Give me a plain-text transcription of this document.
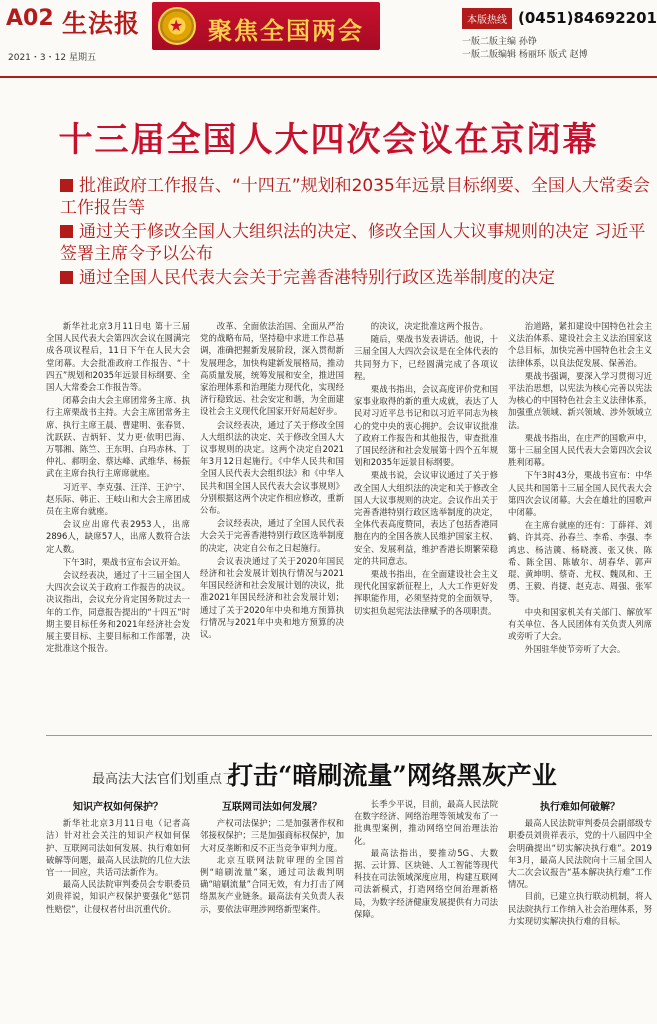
A02 生法报
2021・3・12 星期五
★ 聚焦全国两会	本版热线 (0451)84692201
一版二版主编 孙铮
一版二版编辑 杨丽环 版式 赵博
十三届全国人大四次会议在京闭幕
批准政府工作报告、“十四五”规划和2035年远景目标纲要、全国人大常委会工作报告等
通过关于修改全国人大组织法的决定、修改全国人大议事规则的决定 习近平签署主席令予以公布
通过全国人民代表大会关于完善香港特别行政区选举制度的决定

新华社北京3月11日电 第十三届全国人民代表大会第四次会议在圆满完成各项议程后，11日下午在人民大会堂闭幕。大会批准政府工作报告、“十四五”规划和2035年远景目标纲要、全国人大常委会工作报告等。

闭幕会由大会主席团常务主席、执行主席栗战书主持。大会主席团常务主席、执行主席王晨、曹建明、张春贤、沈跃跃、吉炳轩、艾力更·依明巴海、万鄂湘、陈竺、王东明、白玛赤林、丁仲礼、郝明金、蔡达峰、武维华、杨振武在主席台执行主席席就座。

习近平、李克强、汪洋、王沪宁、赵乐际、韩正、王岐山和大会主席团成员在主席台就座。

会议应出席代表2953人，出席2896人，缺席57人，出席人数符合法定人数。

下午3时，栗战书宣布会议开始。

会议经表决，通过了十三届全国人大四次会议关于政府工作报告的决议。决议指出，会议充分肯定国务院过去一年的工作，同意报告提出的“十四五”时期主要目标任务和2021年经济社会发展主要目标、主要目标和工作部署，决定批准这个报告。

改革、全面依法治国、全面从严治党的战略布局，坚持稳中求进工作总基调，准确把握新发展阶段，深入贯彻新发展理念，加快构建新发展格局，推动高质量发展，统筹发展和安全，推进国家治理体系和治理能力现代化，实现经济行稳致远、社会安定和谐，为全面建设社会主义现代化国家开好局起好步。

会议经表决，通过了关于修改全国人大组织法的决定、关于修改全国人大议事规则的决定。这两个决定自2021年3月12日起施行。《中华人民共和国全国人民代表大会组织法》和《中华人民共和国全国人民代表大会议事规则》分别根据这两个决定作相应修改，重新公布。

会议经表决，通过了全国人民代表大会关于完善香港特别行政区选举制度的决定，决定自公布之日起施行。

会议表决通过了关于2020年国民经济和社会发展计划执行情况与2021年国民经济和社会发展计划的决议，批准2021年国民经济和社会发展计划；通过了关于2020年中央和地方预算执行情况与2021年中央和地方预算的决议。

的决议，决定批准这两个报告。

随后，栗战书发表讲话。他说，十三届全国人大四次会议是在全体代表的共同努力下，已经圆满完成了各项议程。

栗战书指出，会议高度评价党和国家事业取得的新的重大成就，表达了人民对习近平总书记和以习近平同志为核心的党中央的衷心拥护。会议审议批准了政府工作报告和其他报告，审查批准了国民经济和社会发展第十四个五年规划和2035年远景目标纲要。

栗战书说，会议审议通过了关于修改全国人大组织法的决定和关于修改全国人大议事规则的决定。会议作出关于完善香港特别行政区选举制度的决定，全体代表高度赞同，表达了包括香港同胞在内的全国各族人民维护国家主权、安全、发展利益，维护香港长期繁荣稳定的共同意志。

栗战书指出，在全面建设社会主义现代化国家新征程上，人大工作更好发挥职能作用，必须坚持党的全面领导，切实担负起宪法法律赋予的各项职责。

治道路，紧扣建设中国特色社会主义法治体系、建设社会主义法治国家这个总目标，加快完善中国特色社会主义法律体系，以良法促发展、保善治。

栗战书强调，要深入学习贯彻习近平法治思想，以宪法为核心完善以宪法为核心的中国特色社会主义法律体系，加强重点领域、新兴领域、涉外领域立法。

栗战书指出，在庄严的国歌声中，第十三届全国人民代表大会第四次会议胜利闭幕。

下午3时43分，栗战书宣布：中华人民共和国第十三届全国人民代表大会第四次会议闭幕。大会在雄壮的国歌声中闭幕。

在主席台就座的还有：丁薛祥、刘鹤、许其亮、孙春兰、李希、李强、李鸿忠、杨洁篪、杨晓渡、张又侠、陈希、陈全国、陈敏尔、胡春华、郭声琨、黄坤明、蔡奇、尤权、魏凤和、王勇、王毅、肖捷、赵克志、周强、张军等。

中央和国家机关有关部门、解放军有关单位、各人民团体有关负责人列席或旁听了大会。

外国驻华使节旁听了大会。

最高法大法官们划重点了
打击“暗刷流量”网络黑灰产业
知识产权如何保护？

新华社北京3月11日电（记者高洁）针对社会关注的知识产权如何保护、互联网司法如何发展、执行难如何破解等问题，最高人民法院的几位大法官一一回应，共话司法新作为。

最高人民法院审判委员会专职委员刘贵祥说，知识产权保护要强化“惩罚性赔偿”，让侵权者付出沉重代价。

互联网司法如何发展？

产权司法保护；二是加强著作权和邻接权保护；三是加强商标权保护，加大对反垄断和反不正当竞争审判力度。

北京互联网法院审理的全国首例“暗刷流量”案，通过司法裁判明确“暗刷流量”合同无效，有力打击了网络黑灰产业链条。最高法有关负责人表示，要依法审理涉网络新型案件。

长季少平说，目前，最高人民法院在数字经济、网络治理等领域发布了一批典型案例，推动网络空间治理法治化。

最高法指出，要推动5G、大数据、云计算、区块链、人工智能等现代科技在司法领域深度应用，构建互联网司法新模式，打造网络空间治理新格局，为数字经济健康发展提供有力司法保障。

执行难如何破解？

最高人民法院审判委员会副部级专职委员刘贵祥表示，党的十八届四中全会明确提出“切实解决执行难”。2019年3月，最高人民法院向十三届全国人大二次会议报告“基本解决执行难”工作情况。

目前，已建立执行联动机制，将人民法院执行工作纳入社会治理体系，努力实现切实解决执行难的目标。
